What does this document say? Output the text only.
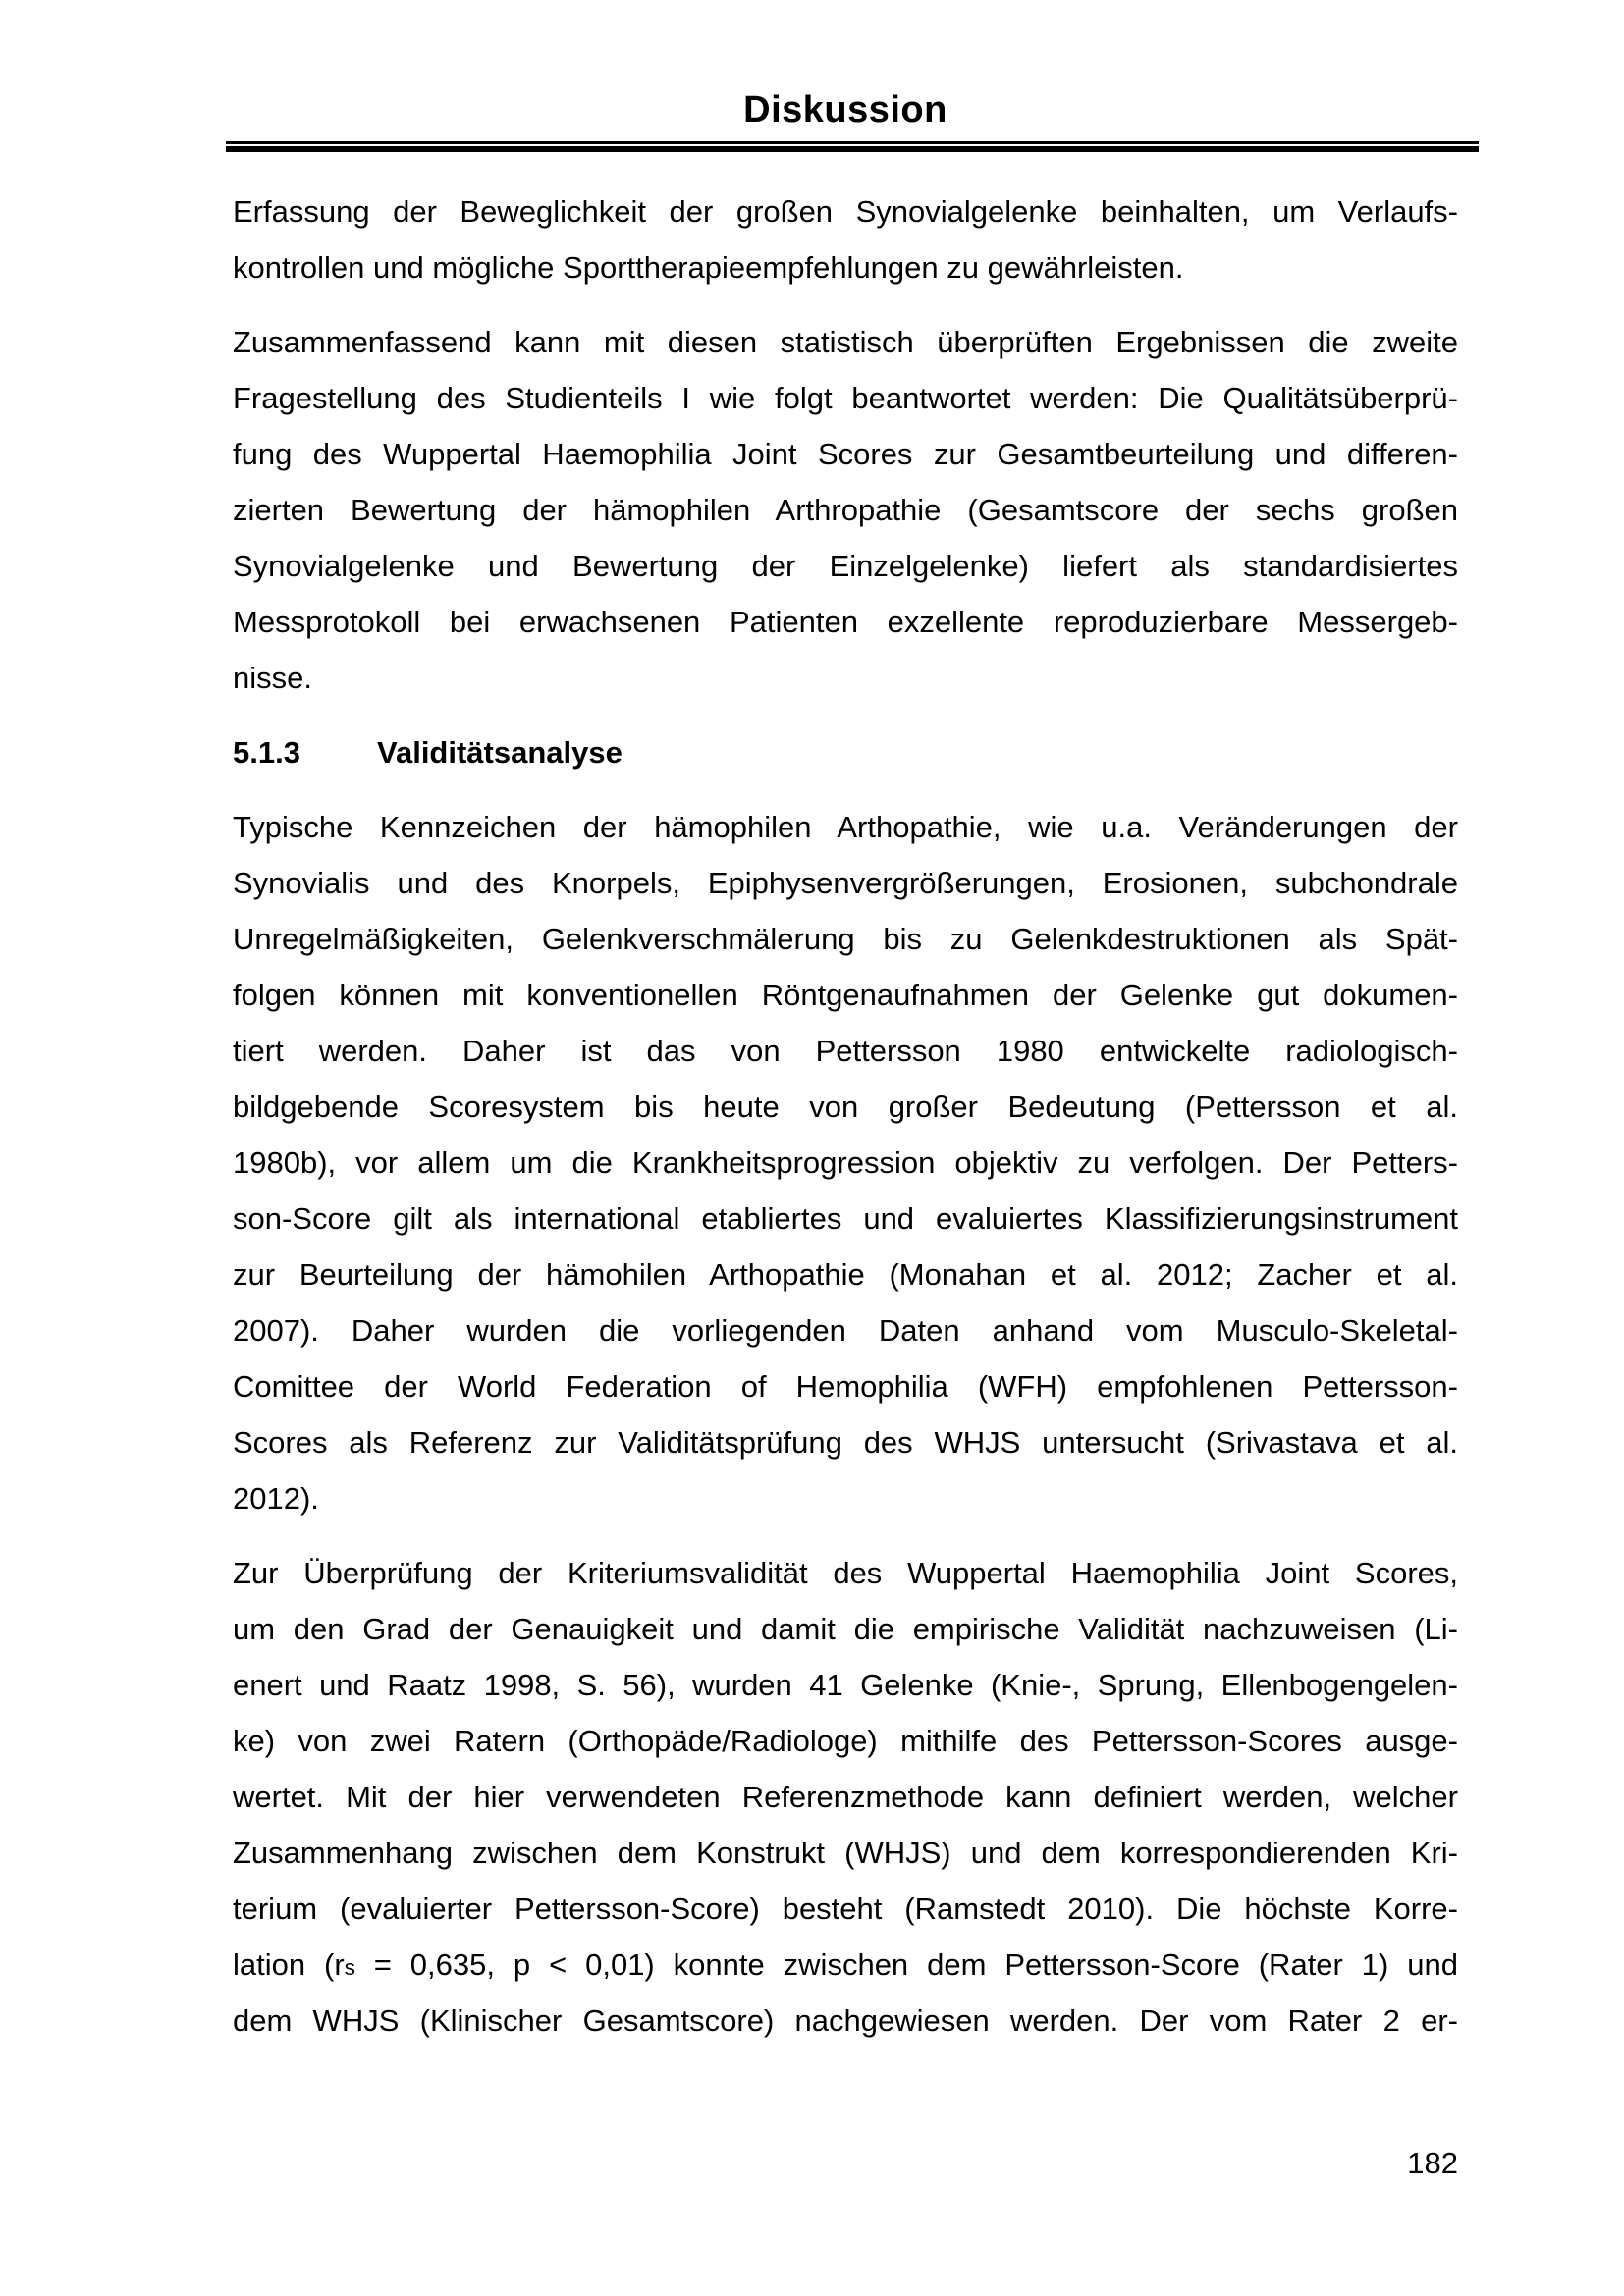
Diskussion
Erfassung der Beweglichkeit der großen Synovialgelenke beinhalten, um Verlaufs-
kontrollen und mögliche Sporttherapieempfehlungen zu gewährleisten.
Zusammenfassend kann mit diesen statistisch überprüften Ergebnissen die zweite
Fragestellung des Studienteils I wie folgt beantwortet werden: Die Qualitätsüberprü-
fung des Wuppertal Haemophilia Joint Scores zur Gesamtbeurteilung und differen-
zierten Bewertung der hämophilen Arthropathie (Gesamtscore der sechs großen
Synovialgelenke und Bewertung der Einzelgelenke) liefert als standardisiertes
Messprotokoll bei erwachsenen Patienten exzellente reproduzierbare Messergeb-
nisse.
5.1.3	Validitätsanalyse
Typische Kennzeichen der hämophilen Arthopathie, wie u.a. Veränderungen der
Synovialis und des Knorpels, Epiphysenvergrößerungen, Erosionen, subchondrale
Unregelmäßigkeiten, Gelenkverschmälerung bis zu Gelenkdestruktionen als Spät-
folgen können mit konventionellen Röntgenaufnahmen der Gelenke gut dokumen-
tiert werden. Daher ist das von Pettersson 1980 entwickelte radiologisch-
bildgebende Scoresystem bis heute von großer Bedeutung (Pettersson et al.
1980b), vor allem um die Krankheitsprogression objektiv zu verfolgen. Der Petters-
son-Score gilt als international etabliertes und evaluiertes Klassifizierungsinstrument
zur Beurteilung der hämohilen Arthopathie (Monahan et al. 2012; Zacher et al.
2007). Daher wurden die vorliegenden Daten anhand vom Musculo-Skeletal-
Comittee der World Federation of Hemophilia (WFH) empfohlenen Pettersson-
Scores als Referenz zur Validitätsprüfung des WHJS untersucht (Srivastava et al.
2012).
Zur Überprüfung der Kriteriumsvalidität des Wuppertal Haemophilia Joint Scores,
um den Grad der Genauigkeit und damit die empirische Validität nachzuweisen (Li-
enert und Raatz 1998, S. 56), wurden 41 Gelenke (Knie-, Sprung, Ellenbogengelen-
ke) von zwei Ratern (Orthopäde/Radiologe) mithilfe des Pettersson-Scores ausge-
wertet. Mit der hier verwendeten Referenzmethode kann definiert werden, welcher
Zusammenhang zwischen dem Konstrukt (WHJS) und dem korrespondierenden Kri-
terium (evaluierter Pettersson-Score) besteht (Ramstedt 2010). Die höchste Korre-
lation (rs = 0,635, p < 0,01) konnte zwischen dem Pettersson-Score (Rater 1) und
dem WHJS (Klinischer Gesamtscore) nachgewiesen werden. Der vom Rater 2 er-
182
